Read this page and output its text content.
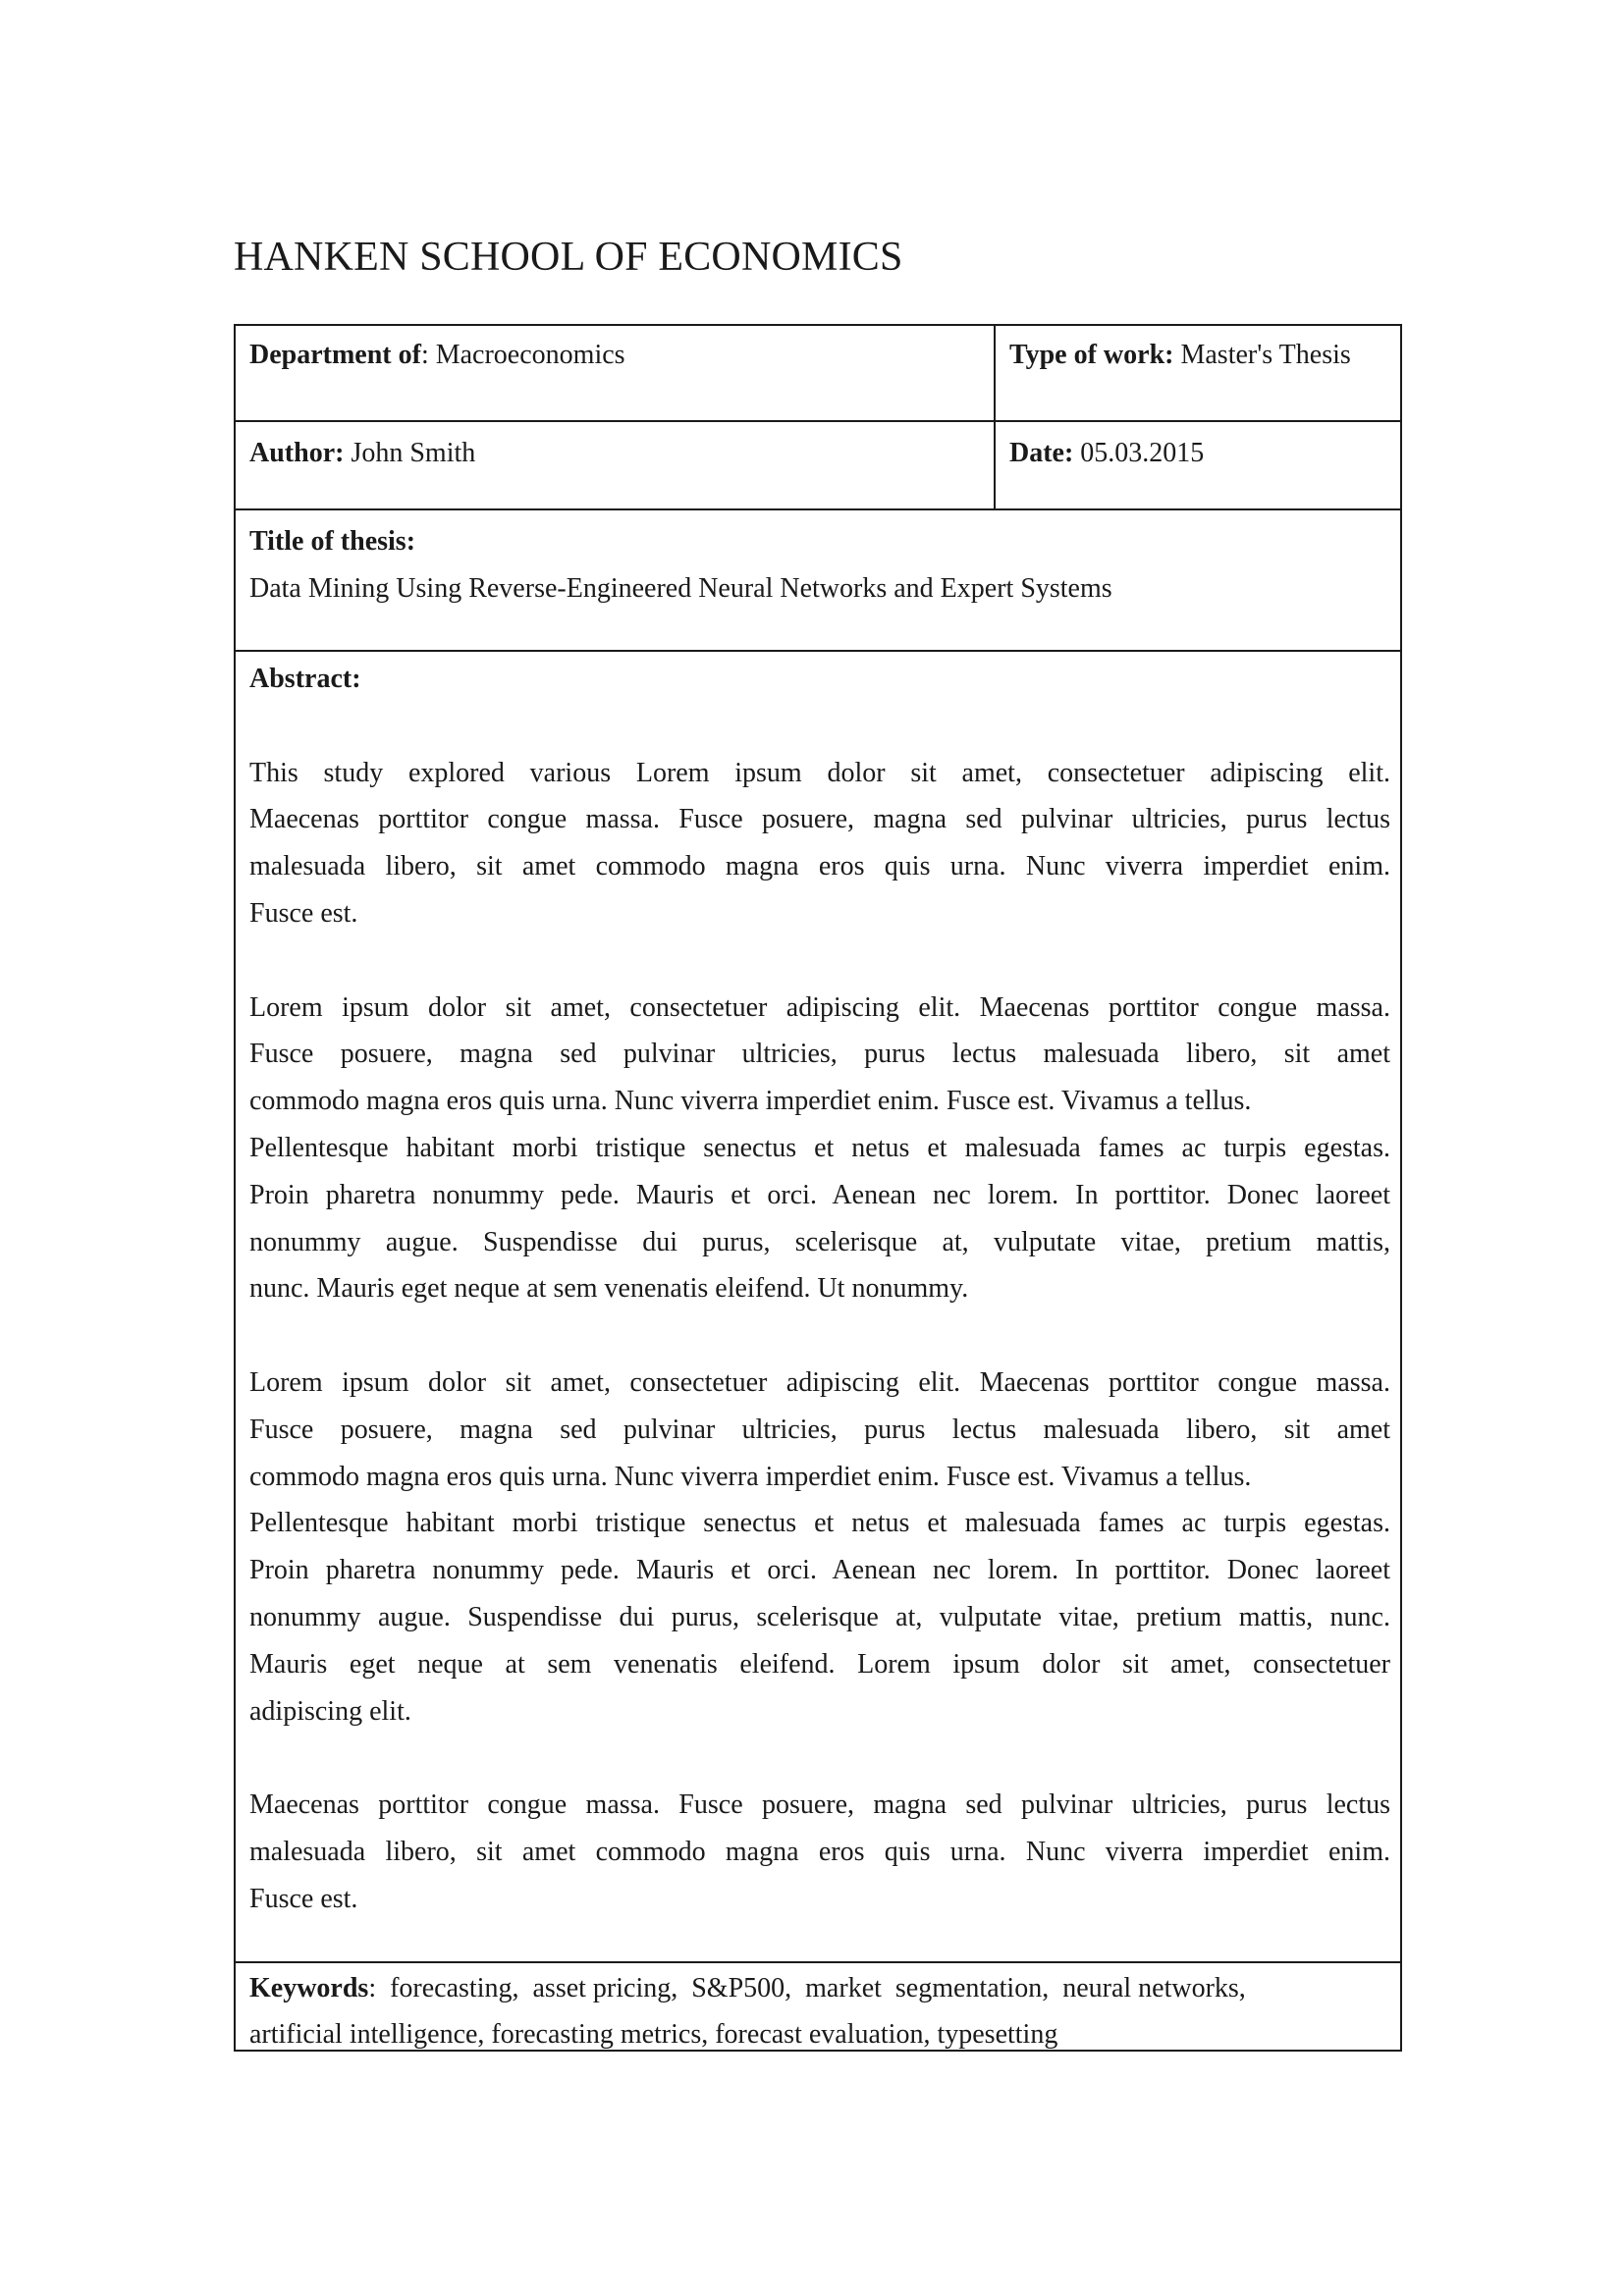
HANKEN SCHOOL OF ECONOMICS
Department of: Macroeconomics	Type of work: Master's Thesis
Author: John Smith	Date: 05.03.2015
Title of thesis:
Data Mining Using Reverse-Engineered Neural Networks and Expert Systems
Abstract:
This study explored various Lorem ipsum dolor sit amet, consectetuer adipiscing elit.
Maecenas porttitor congue massa. Fusce posuere, magna sed pulvinar ultricies, purus lectus
malesuada libero, sit amet commodo magna eros quis urna. Nunc viverra imperdiet enim.
Fusce est.
Lorem ipsum dolor sit amet, consectetuer adipiscing elit. Maecenas porttitor congue massa.
Fusce posuere, magna sed pulvinar ultricies, purus lectus malesuada libero, sit amet
commodo magna eros quis urna. Nunc viverra imperdiet enim. Fusce est. Vivamus a tellus.
Pellentesque habitant morbi tristique senectus et netus et malesuada fames ac turpis egestas.
Proin pharetra nonummy pede. Mauris et orci. Aenean nec lorem. In porttitor. Donec laoreet
nonummy augue. Suspendisse dui purus, scelerisque at, vulputate vitae, pretium mattis,
nunc. Mauris eget neque at sem venenatis eleifend. Ut nonummy.
Lorem ipsum dolor sit amet, consectetuer adipiscing elit. Maecenas porttitor congue massa.
Fusce posuere, magna sed pulvinar ultricies, purus lectus malesuada libero, sit amet
commodo magna eros quis urna. Nunc viverra imperdiet enim. Fusce est. Vivamus a tellus.
Pellentesque habitant morbi tristique senectus et netus et malesuada fames ac turpis egestas.
Proin pharetra nonummy pede. Mauris et orci. Aenean nec lorem. In porttitor. Donec laoreet
nonummy augue. Suspendisse dui purus, scelerisque at, vulputate vitae, pretium mattis, nunc.
Mauris eget neque at sem venenatis eleifend. Lorem ipsum dolor sit amet, consectetuer
adipiscing elit.
Maecenas porttitor congue massa. Fusce posuere, magna sed pulvinar ultricies, purus lectus
malesuada libero, sit amet commodo magna eros quis urna. Nunc viverra imperdiet enim.
Fusce est.
Keywords:  forecasting,  asset pricing,  S&P500,  market  segmentation,  neural networks,
artificial intelligence, forecasting metrics, forecast evaluation, typesetting
